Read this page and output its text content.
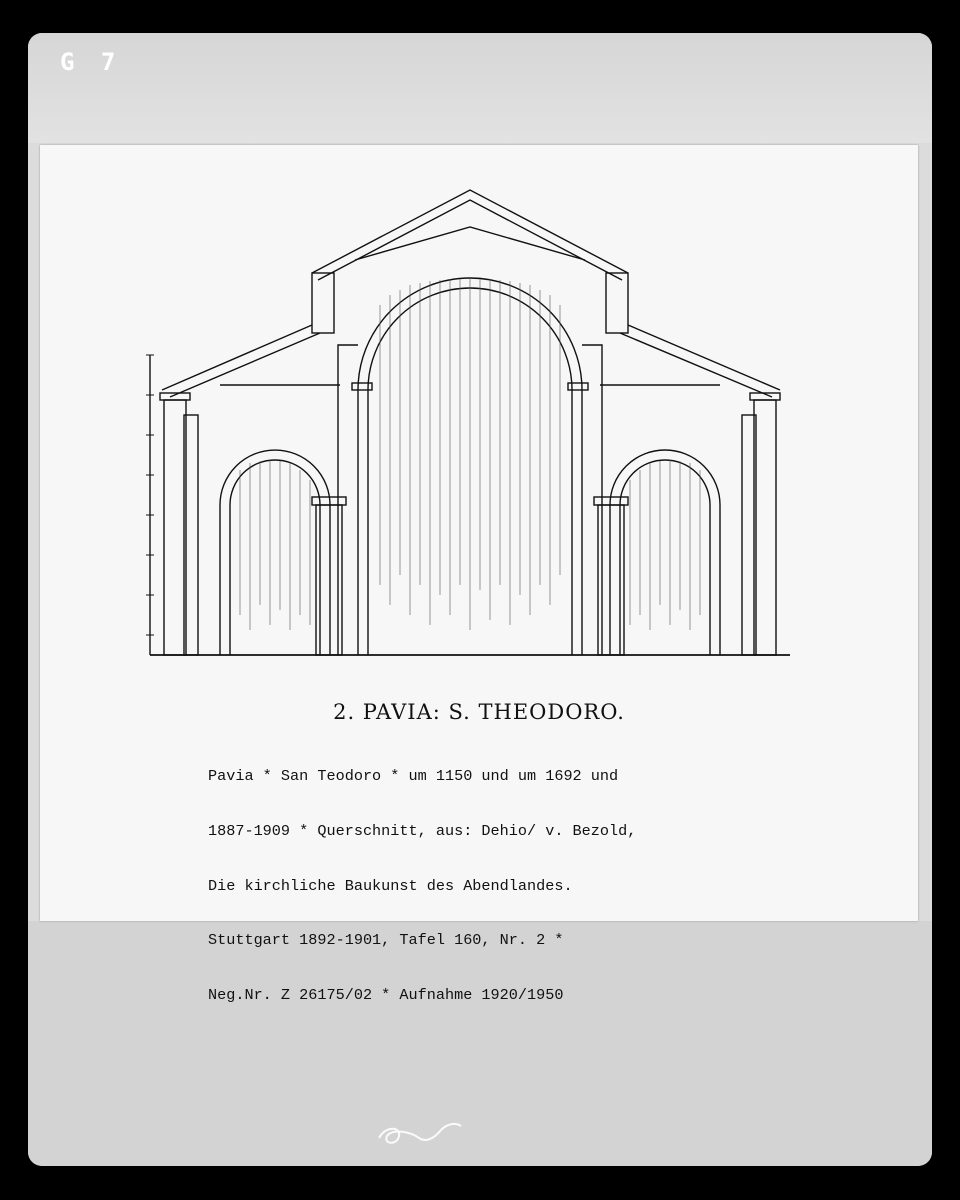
G 7
2. PAVIA: S. THEODORO.

Pavia * San Teodoro * um 1150 und um 1692 und

1887-1909 * Querschnitt, aus: Dehio/ v. Bezold,

Die kirchliche Baukunst des Abendlandes.

Stuttgart 1892-1901, Tafel 160, Nr. 2 *

Neg.Nr. Z 26175/02 * Aufnahme 1920/1950
